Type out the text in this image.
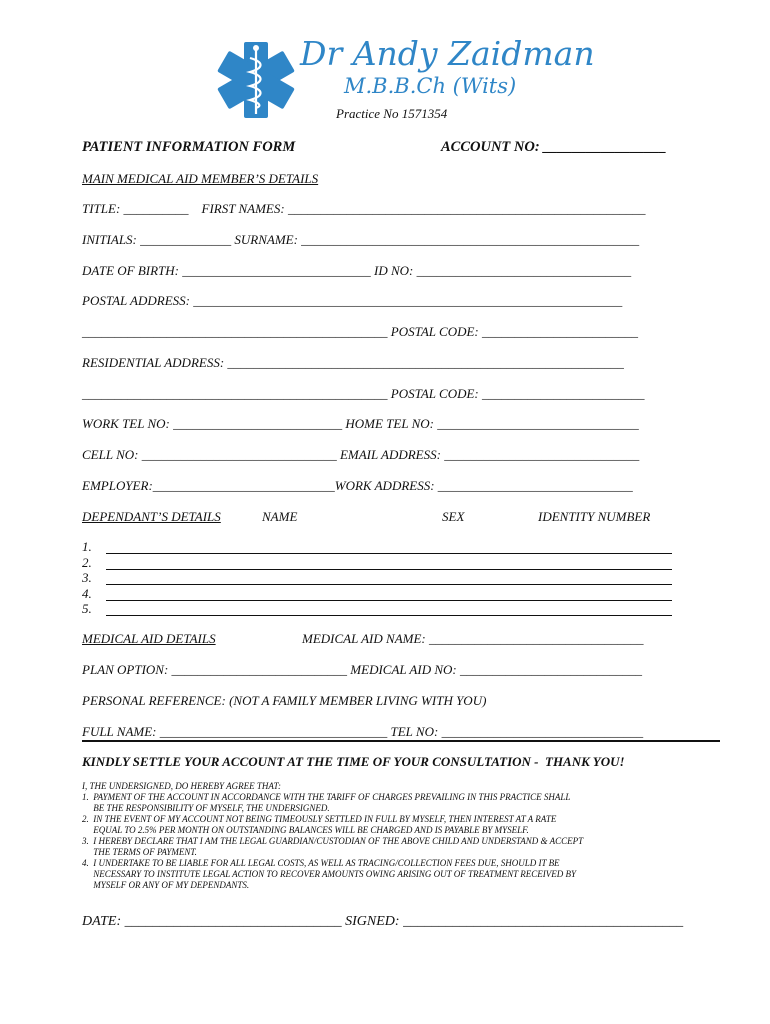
Dr Andy Zaidman
M.B.B.Ch (Wits)
Practice No 1571354
PATIENT INFORMATION FORM	ACCOUNT NO: _________________
MAIN MEDICAL AID MEMBER’S DETAILS
TITLE: __________    FIRST NAMES: _______________________________________________________
INITIALS: ______________ SURNAME: ____________________________________________________
DATE OF BIRTH: _____________________________ ID NO: _________________________________
POSTAL ADDRESS: __________________________________________________________________
_______________________________________________ POSTAL CODE: ________________________
RESIDENTIAL ADDRESS: _____________________________________________________________
_______________________________________________ POSTAL CODE: _________________________
WORK TEL NO: __________________________ HOME TEL NO: _______________________________
CELL NO: ______________________________ EMAIL ADDRESS: ______________________________
EMPLOYER:____________________________WORK ADDRESS: ______________________________
DEPENDANT’S DETAILS	NAME	SEX	IDENTITY NUMBER
1.
2.
3.
4.
5.
MEDICAL AID DETAILS	MEDICAL AID NAME: _________________________________
PLAN OPTION: ___________________________ MEDICAL AID NO: ____________________________
PERSONAL REFERENCE: (NOT A FAMILY MEMBER LIVING WITH YOU)
FULL NAME: ___________________________________ TEL NO: _______________________________
KINDLY SETTLE YOUR ACCOUNT AT THE TIME OF YOUR CONSULTATION -  THANK YOU!
I, THE UNDERSIGNED, DO HEREBY AGREE THAT:
1.  PAYMENT OF THE ACCOUNT IN ACCORDANCE WITH THE TARIFF OF CHARGES PREVAILING IN THIS PRACTICE SHALL
BE THE RESPONSIBILITY OF MYSELF, THE UNDERSIGNED.
2.  IN THE EVENT OF MY ACCOUNT NOT BEING TIMEOUSLY SETTLED IN FULL BY MYSELF, THEN INTEREST AT A RATE
EQUAL TO 2.5% PER MONTH ON OUTSTANDING BALANCES WILL BE CHARGED AND IS PAYABLE BY MYSELF.
3.  I HEREBY DECLARE THAT I AM THE LEGAL GUARDIAN/CUSTODIAN OF THE ABOVE CHILD AND UNDERSTAND & ACCEPT
THE TERMS OF PAYMENT.
4.  I UNDERTAKE TO BE LIABLE FOR ALL LEGAL COSTS, AS WELL AS TRACING/COLLECTION FEES DUE, SHOULD IT BE
NECESSARY TO INSTITUTE LEGAL ACTION TO RECOVER AMOUNTS OWING ARISING OUT OF TREATMENT RECEIVED BY
MYSELF OR ANY OF MY DEPENDANTS.
DATE: _______________________________ SIGNED: ________________________________________
